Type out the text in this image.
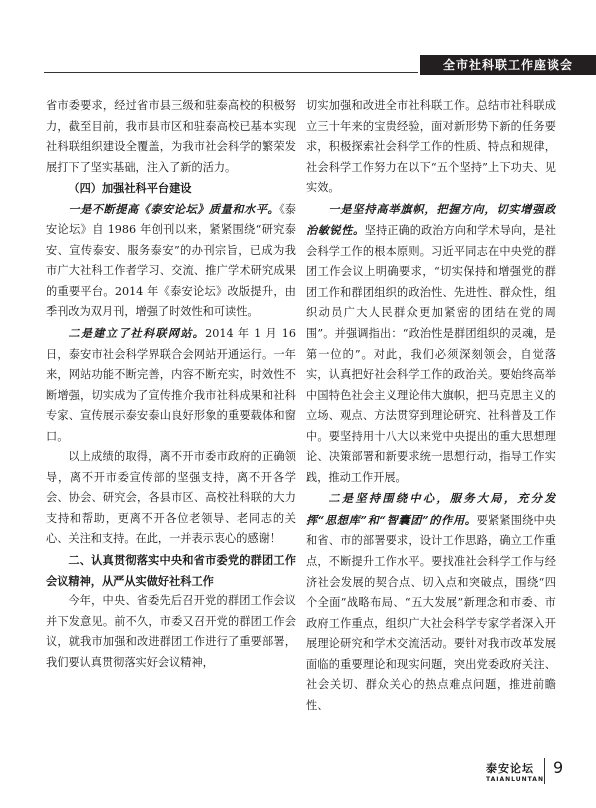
全市社科联工作座谈会

省市委要求，经过省市县三级和驻泰高校的积极努力，截至目前，我市县市区和驻泰高校已基本实现社科联组织建设全覆盖，为我市社会科学的繁荣发展打下了坚实基础，注入了新的活力。

（四）加强社科平台建设

一是不断提高《泰安论坛》质量和水平。《泰安论坛》自 1986 年创刊以来，紧紧围绕“研究泰安、宣传泰安、服务泰安”的办刊宗旨，已成为我市广大社科工作者学习、交流、推广学术研究成果的重要平台。2014 年《泰安论坛》改版提升，由季刊改为双月刊，增强了时效性和可读性。

二是建立了社科联网站。2014 年 1 月 16 日，泰安市社会科学界联合会网站开通运行。一年来，网站功能不断完善，内容不断充实，时效性不断增强，切实成为了宣传推介我市社科成果和社科专家、宣传展示泰安泰山良好形象的重要载体和窗口。

以上成绩的取得，离不开市委市政府的正确领导，离不开市委宣传部的坚强支持，离不开各学会、协会、研究会，各县市区、高校社科联的大力支持和帮助，更离不开各位老领导、老同志的关心、关注和支持。在此，一并表示衷心的感谢！

二、认真贯彻落实中央和省市委党的群团工作会议精神，从严从实做好社科工作

今年，中央、省委先后召开党的群团工作会议并下发意见。前不久，市委又召开党的群团工作会议，就我市加强和改进群团工作进行了重要部署，我们要认真贯彻落实好会议精神，

切实加强和改进全市社科联工作。总结市社科联成立三十年来的宝贵经验，面对新形势下新的任务要求，积极探索社会科学工作的性质、特点和规律，社会科学工作努力在以下“五个坚持”上下功夫、见实效。

一是坚持高举旗帜，把握方向，切实增强政治敏锐性。坚持正确的政治方向和学术导向，是社会科学工作的根本原则。习近平同志在中央党的群团工作会议上明确要求，“切实保持和增强党的群团工作和群团组织的政治性、先进性、群众性，组织动员广大人民群众更加紧密的团结在党的周围”。并强调指出：“政治性是群团组织的灵魂，是第一位的”。对此，我们必须深刻领会，自觉落实，认真把好社会科学工作的政治关。要始终高举中国特色社会主义理论伟大旗帜，把马克思主义的立场、观点、方法贯穿到理论研究、社科普及工作中。要坚持用十八大以来党中央提出的重大思想理论、决策部署和新要求统一思想行动，指导工作实践，推动工作开展。

二是坚持围绕中心，服务大局，充分发挥“思想库”和“智囊团”的作用。要紧紧围绕中央和省、市的部署要求，设计工作思路，确立工作重点，不断提升工作水平。要找准社会科学工作与经济社会发展的契合点、切入点和突破点，围绕“四个全面”战略布局、“五大发展”新理念和市委、市政府工作重点，组织广大社会科学专家学者深入开展理论研究和学术交流活动。要针对我市改革发展面临的重要理论和现实问题，突出党委政府关注、社会关切、群众关心的热点难点问题，推进前瞻性、

泰安论坛
TAIANLUNTAN
9
